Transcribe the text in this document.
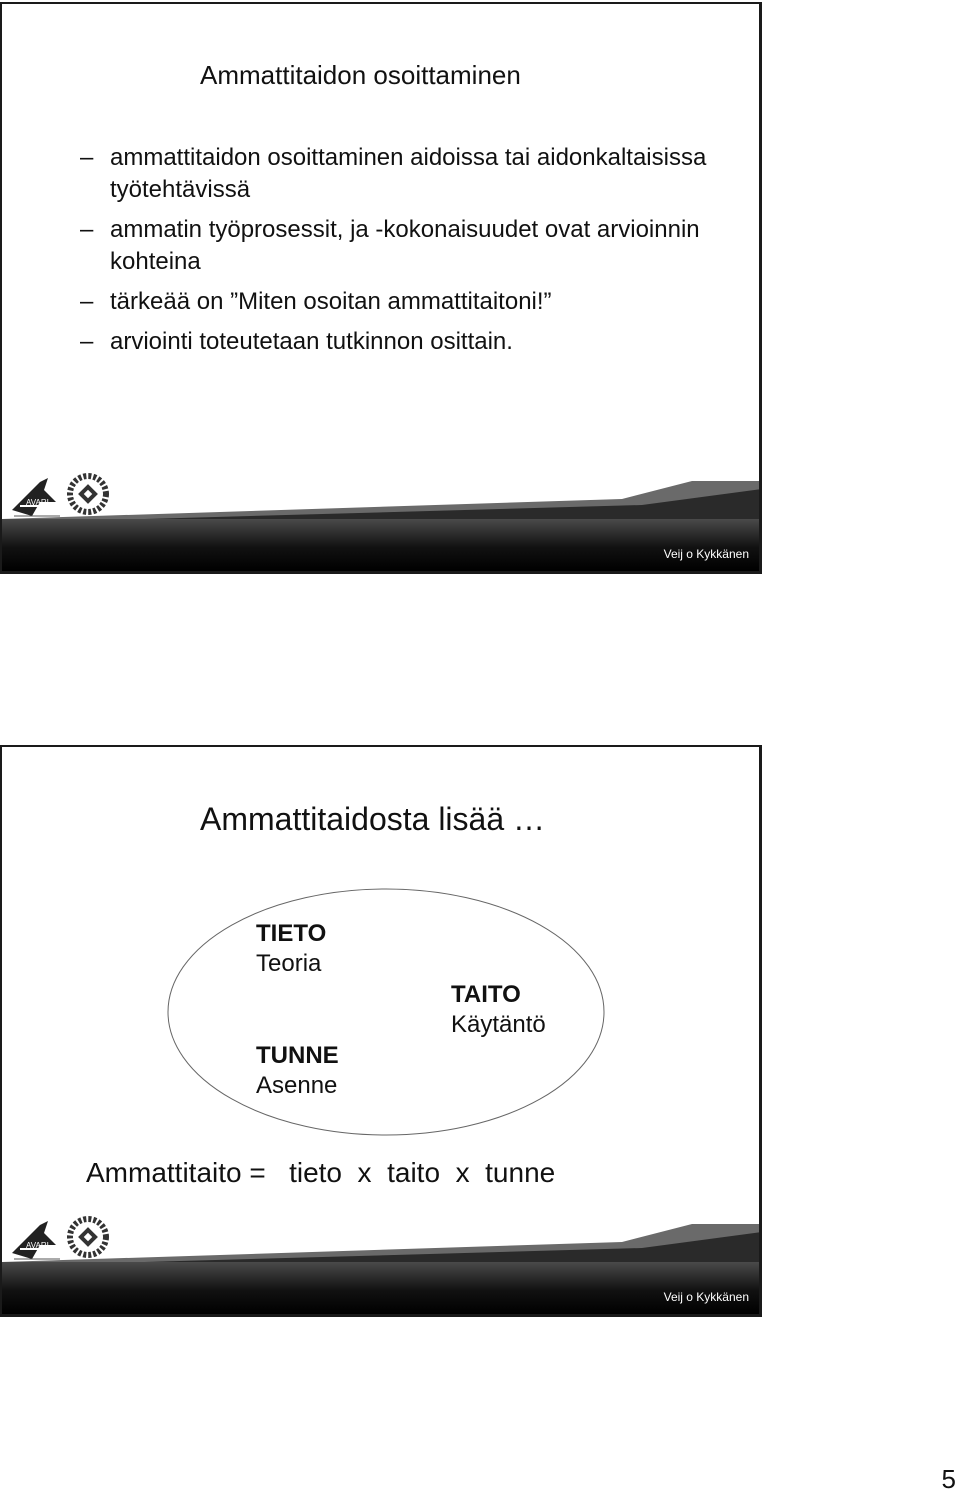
Ammattitaidon osoittaminen
– ammattitaidon osoittaminen aidoissa tai aidonkaltaisissa työtehtävissä
– ammatin työprosessit, ja -kokonaisuudet ovat arvioinnin kohteina
– tärkeää on ”Miten osoitan ammattitaitoni!”
– arviointi toteutetaan tutkinnon osittain.
AVARI
Veij o Kykkänen
Ammattitaidosta lisää …
TIETO
Teoria
TAITO
Käytäntö
TUNNE
Asenne
Ammattitaito =   tieto  x  taito  x  tunne
AVARI
Veij o Kykkänen
5
